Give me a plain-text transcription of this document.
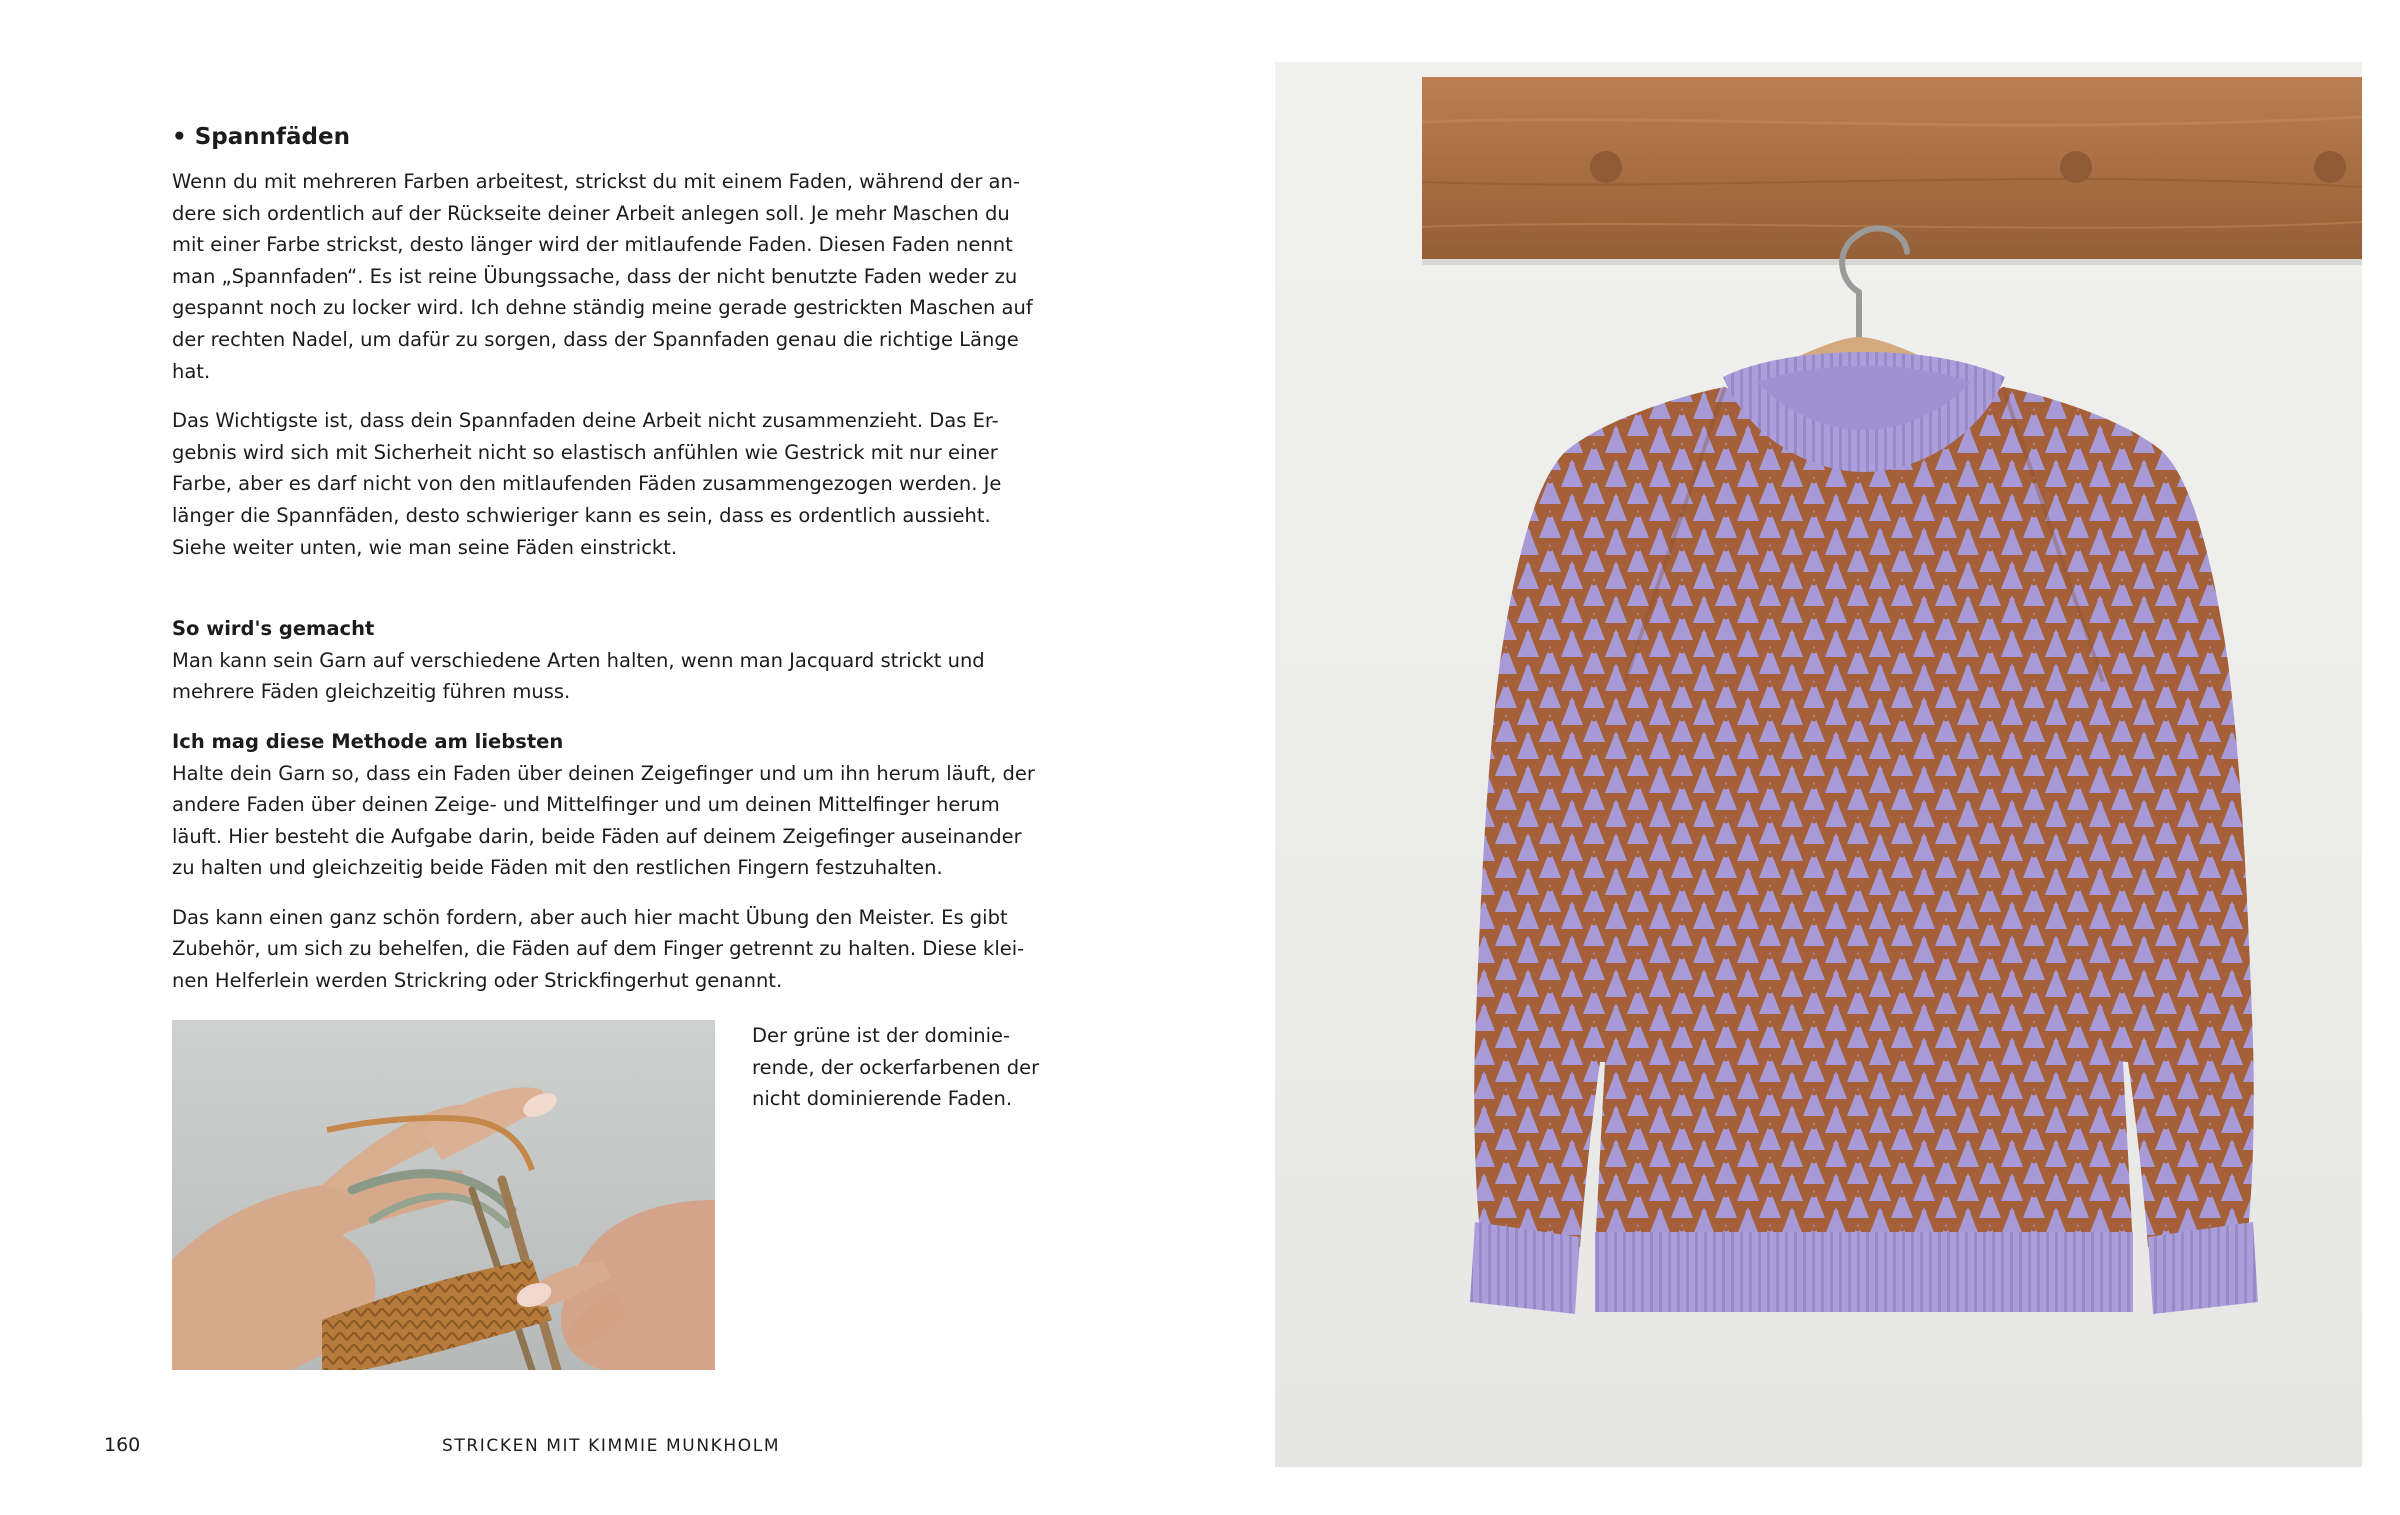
• Spannfäden

Wenn du mit mehreren Farben arbeitest, strickst du mit einem Faden, während der an-dere sich ordentlich auf der Rückseite deiner Arbeit anlegen soll. Je mehr Maschen du mit einer Farbe strickst, desto länger wird der mitlaufende Faden. Diesen Faden nennt man „Spannfaden“. Es ist reine Übungssache, dass der nicht benutzte Faden weder zu gespannt noch zu locker wird. Ich dehne ständig meine gerade gestrickten Maschen auf der rechten Nadel, um dafür zu sorgen, dass der Spannfaden genau die richtige Länge hat.

Das Wichtigste ist, dass dein Spannfaden deine Arbeit nicht zusammenzieht. Das Er-gebnis wird sich mit Sicherheit nicht so elastisch anfühlen wie Gestrick mit nur einer Farbe, aber es darf nicht von den mitlaufenden Fäden zusammengezogen werden. Je länger die Spannfäden, desto schwieriger kann es sein, dass es ordentlich aussieht. Siehe weiter unten, wie man seine Fäden einstrickt.

So wird's gemacht

Man kann sein Garn auf verschiedene Arten halten, wenn man Jacquard strickt und mehrere Fäden gleichzeitig führen muss.

Ich mag diese Methode am liebsten

Halte dein Garn so, dass ein Faden über deinen Zeigefinger und um ihn herum läuft, der andere Faden über deinen Zeige- und Mittelfinger und um deinen Mittelfinger herum läuft. Hier besteht die Aufgabe darin, beide Fäden auf deinem Zeigefinger auseinander zu halten und gleichzeitig beide Fäden mit den restlichen Fingern festzuhalten.

Das kann einen ganz schön fordern, aber auch hier macht Übung den Meister. Es gibt Zubehör, um sich zu behelfen, die Fäden auf dem Finger getrennt zu halten. Diese klei-nen Helferlein werden Strickring oder Strickfingerhut genannt.

Der grüne ist der dominie-rende, der ockerfarbenen der nicht dominierende Faden.
160	STRICKEN MIT KIMMIE MUNKHOLM
